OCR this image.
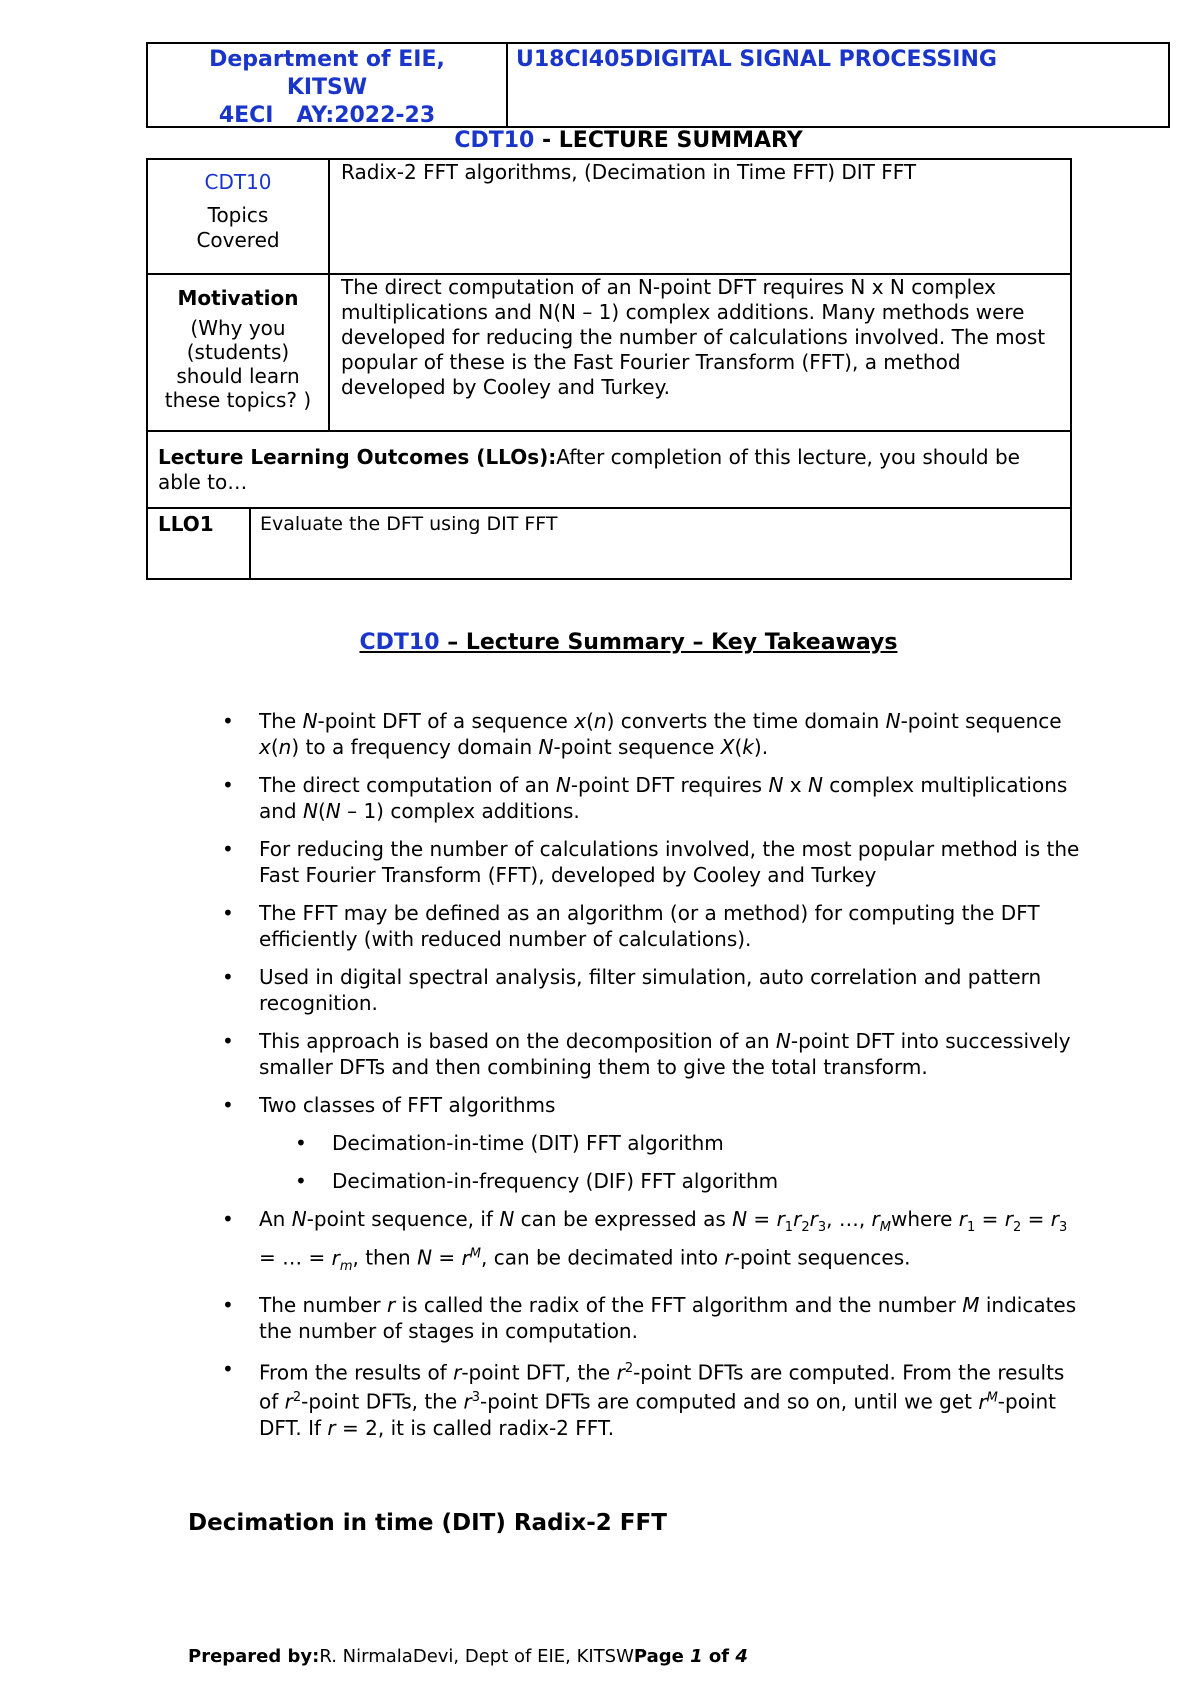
Department of EIE,
KITSW
4ECI   AY:2022-23
U18CI405DIGITAL SIGNAL PROCESSING
CDT10 - LECTURE SUMMARY
CDT10
Topics
Covered
Radix-2 FFT algorithms, (Decimation in Time FFT) DIT FFT
Motivation
(Why you (students) should learn these topics? )
The direct computation of an N-point DFT requires N x N complex multiplications and N(N – 1) complex additions. Many methods were developed for reducing the number of calculations involved. The most popular of these is the Fast Fourier Transform (FFT), a method developed by Cooley and Turkey.
Lecture Learning Outcomes (LLOs):After completion of this lecture, you should be able to…
LLO1 Evaluate the DFT using DIT FFT
CDT10 – Lecture Summary – Key Takeaways
• The N-point DFT of a sequence x(n) converts the time domain N-point sequence x(n) to a frequency domain N-point sequence X(k).
• The direct computation of an N-point DFT requires N x N complex multiplications and N(N – 1) complex additions.
• For reducing the number of calculations involved, the most popular method is the Fast Fourier Transform (FFT), developed by Cooley and Turkey
• The FFT may be defined as an algorithm (or a method) for computing the DFT efficiently (with reduced number of calculations).
• Used in digital spectral analysis, filter simulation, auto correlation and pattern recognition.
• This approach is based on the decomposition of an N-point DFT into successively smaller DFTs and then combining them to give the total transform.
• Two classes of FFT algorithms
• Decimation-in-time (DIT) FFT algorithm
• Decimation-in-frequency (DIF) FFT algorithm
• An N-point sequence, if N can be expressed as $N = r_1r_2r_3$, …, $r_Mwhere$ $r_1 = r_2 = r_3$ = … = $r_m$, then $N = r^M$, can be decimated into r-point sequences.
• The number r is called the radix of the FFT algorithm and the number M indicates the number of stages in computation.
• From the results of r-point DFT, the $r^2$-point DFTs are computed. From the results of $r^2$-point DFTs, the $r^3$-point DFTs are computed and so on, until we get $r^M$-point DFT. If r = 2, it is called radix-2 FFT.
Decimation in time (DIT) Radix-2 FFT
Prepared by:R. NirmalaDevi, Dept of EIE, KITSWPage 1 of 4
